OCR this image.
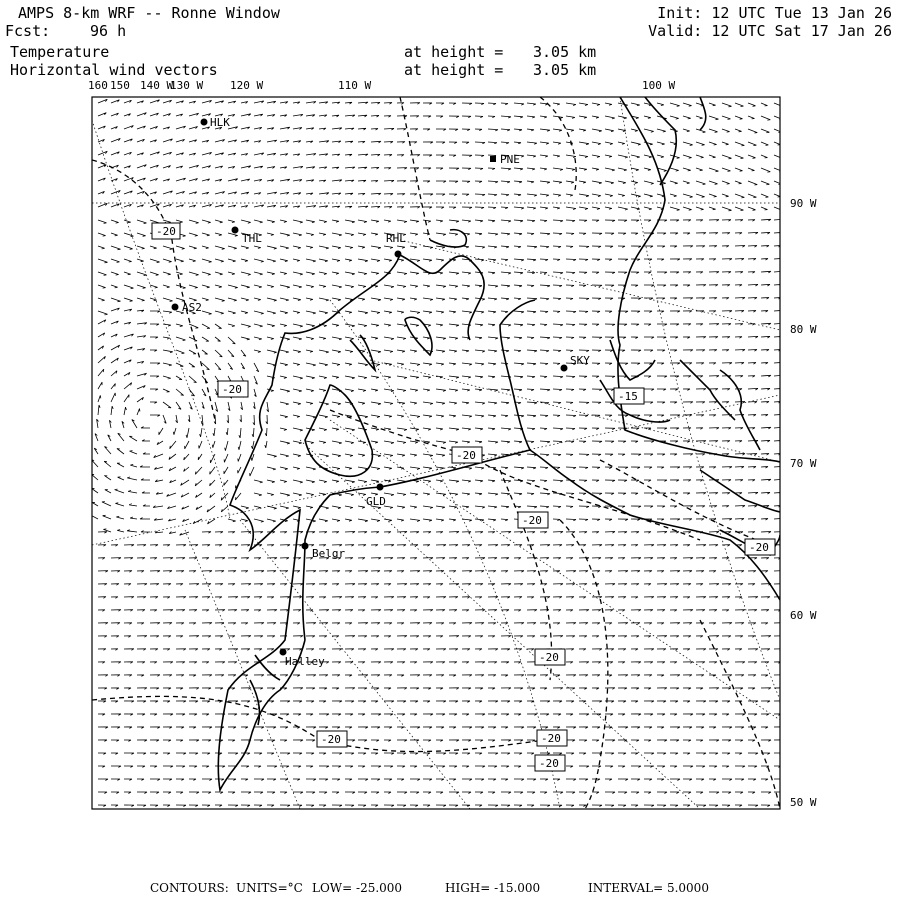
AMPS 8-km WRF -- Ronne Window
Fcst:	96 h
Temperature
Horizontal wind vectors
at height = 3.05 km
at height = 3.05 km
Init: 12 UTC Tue 13 Jan 26
Valid: 12 UTC Sat 17 Jan 26
160 150 140 W
130 W 120 W	110 W	100 W
90 W
80 W
70 W
60 W
50 W
HLK
PNE
THL	RHL
AS2
SKY
GLD
Belgr
Halley
-20
-20
-20
-20
-20
-15
-20
-20	-20
-20
CONTOURS: UNITS=°C LOW= -25.000	HIGH= -15.000	INTERVAL= 5.0000
